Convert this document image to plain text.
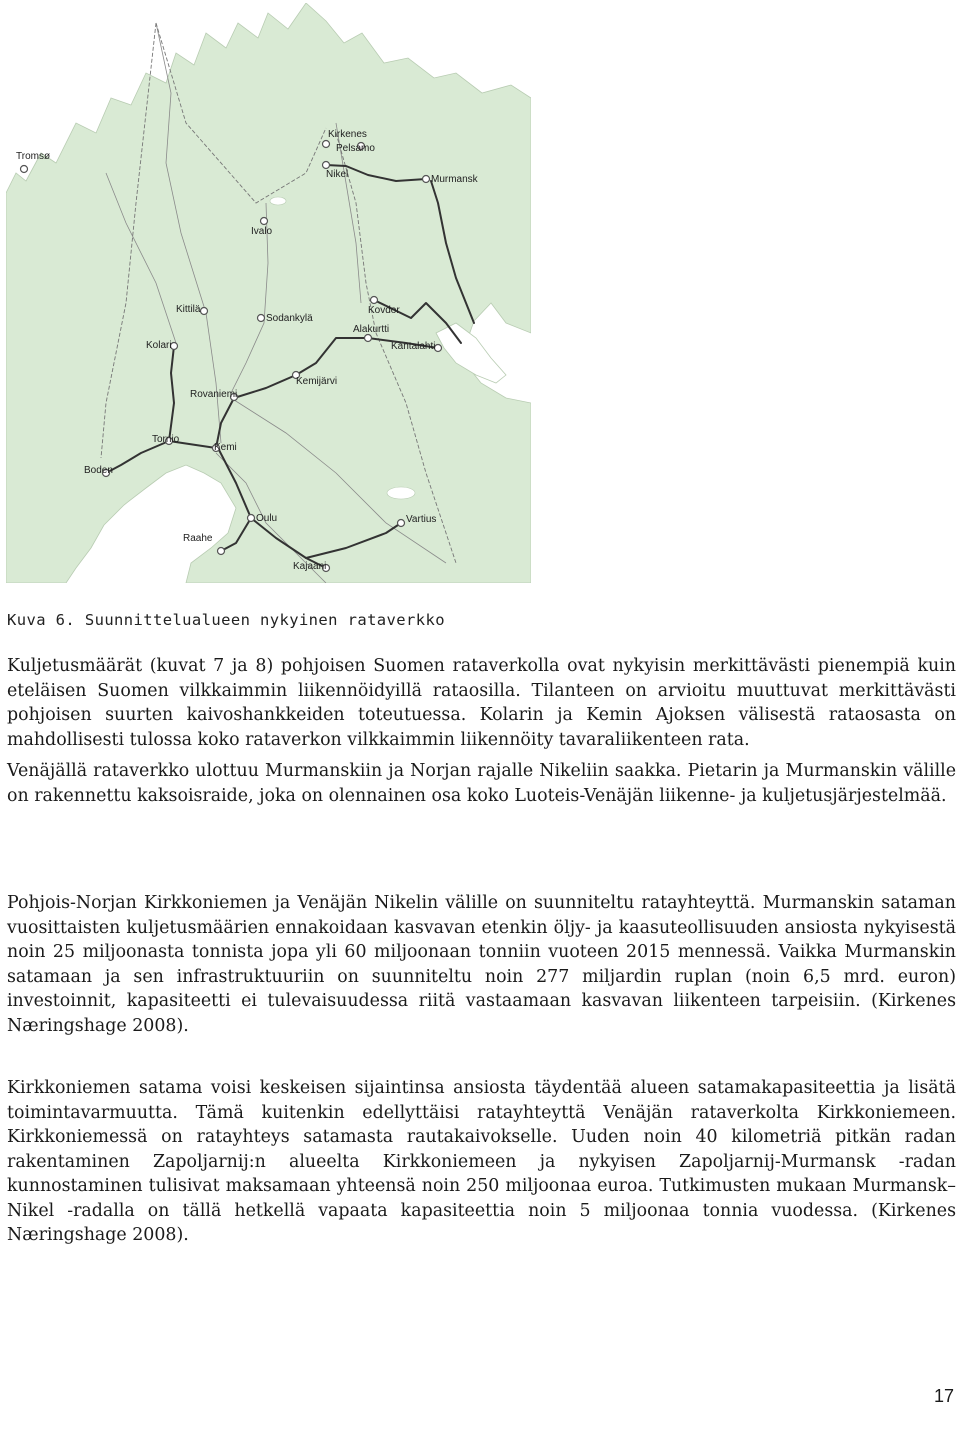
Tromsø
Kirkenes
Pelsamo
Nikel	Murmansk
Ivalo
Kovdor
Kittilä
Sodankylä
Alakurtti
Kantalahti
Kolari
Kemijärvi
Rovaniemi
Tornio
Kemi
Boden
Oulu	Vartius
Raahe
Kajaani
Kuva 6. Suunnittelualueen nykyinen rataverkko

Kuljetusmäärät (kuvat 7 ja 8) pohjoisen Suomen rataverkolla ovat nykyisin merkittävästi pienempiä kuin eteläisen Suomen vilkkaimmin liikennöidyillä rataosilla. Tilanteen on arvioitu muuttuvat merkittävästi pohjoisen suurten kaivoshankkeiden toteutuessa. Kolarin ja Kemin Ajoksen välisestä rataosasta on mahdollisesti tulossa koko rataverkon vilkkaimmin liikennöity tavaraliikenteen rata.

Venäjällä rataverkko ulottuu Murmanskiin ja Norjan rajalle Nikeliin saakka. Pietarin ja Murmanskin välille on rakennettu kaksoisraide, joka on olennainen osa koko Luoteis-Venäjän liikenne- ja kuljetusjärjestelmää.

Pohjois-Norjan Kirkkoniemen ja Venäjän Nikelin välille on suunniteltu ratayhteyttä. Murmanskin sataman vuosittaisten kuljetusmäärien ennakoidaan kasvavan etenkin öljy- ja kaasuteollisuuden ansiosta nykyisestä noin 25 miljoonasta tonnista jopa yli 60 miljoonaan tonniin vuoteen 2015 mennessä. Vaikka Murmanskin satamaan ja sen infrastruktuuriin on suunniteltu noin 277 miljardin ruplan (noin 6,5 mrd. euron) investoinnit, kapasiteetti ei tulevaisuudessa riitä vastaamaan kasvavan liikenteen tarpeisiin. (Kirkenes Næringshage 2008).

Kirkkoniemen satama voisi keskeisen sijaintinsa ansiosta täydentää alueen satamakapasiteettia ja lisätä toimintavarmuutta. Tämä kuitenkin edellyttäisi ratayhteyttä Venäjän rataverkolta Kirkkoniemeen. Kirkkoniemessä on ratayhteys satamasta rautakaivokselle. Uuden noin 40 kilometriä pitkän radan rakentaminen Zapoljarnij:n alueelta Kirkkoniemeen ja nykyisen Zapoljarnij-Murmansk -radan kunnostaminen tulisivat maksamaan yhteensä noin 250 miljoonaa euroa. Tutkimusten mukaan Murmansk–Nikel -radalla on tällä hetkellä vapaata kapasiteettia noin 5 miljoonaa tonnia vuodessa. (Kirkenes Næringshage 2008).

17
